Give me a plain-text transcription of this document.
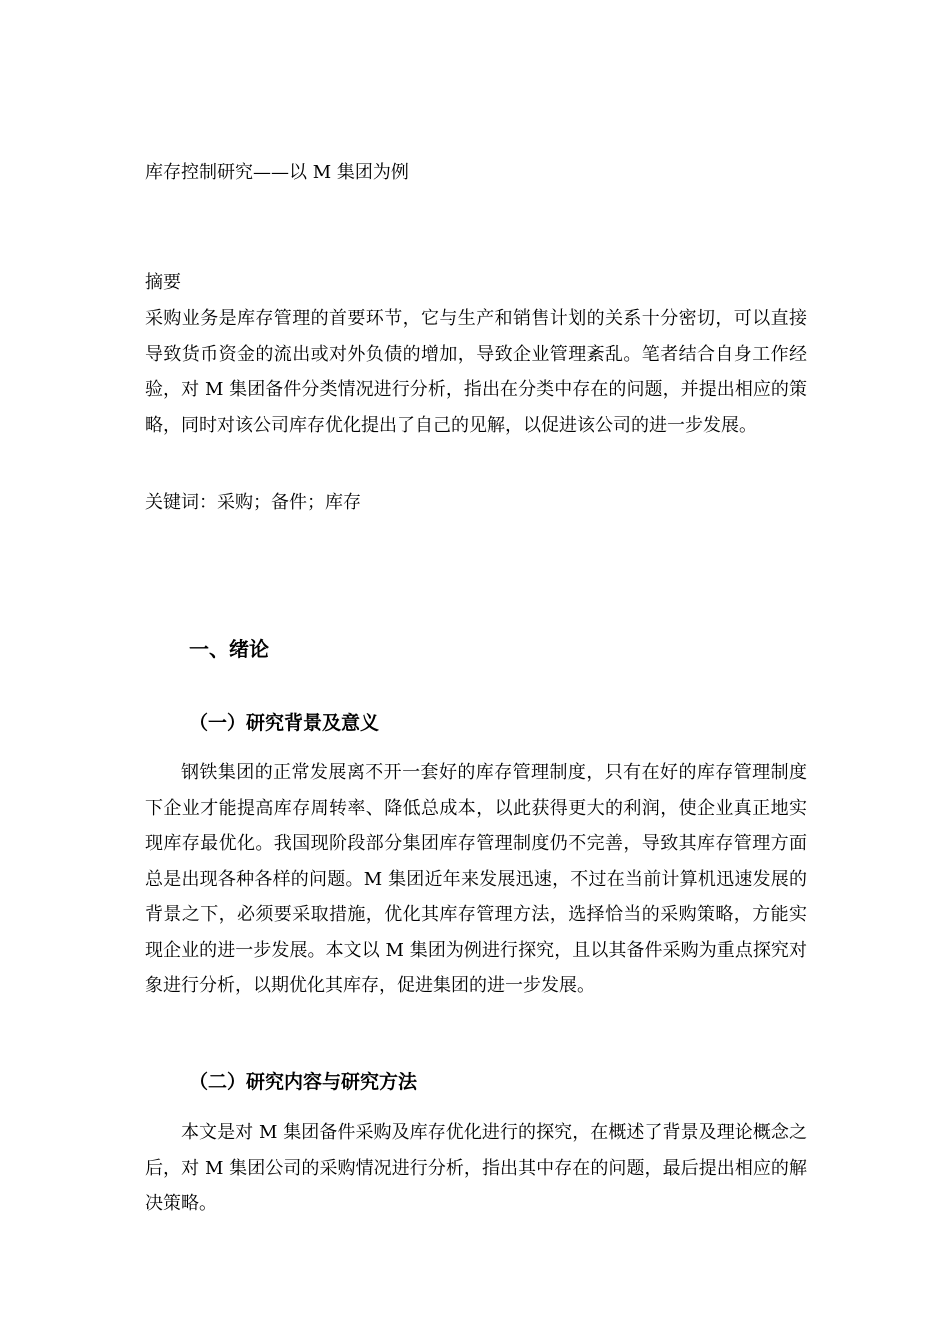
库存控制研究——以 M 集团为例
摘要

采购业务是库存管理的首要环节，它与生产和销售计划的关系十分密切，可以直接导致货币资金的流出或对外负债的增加，导致企业管理紊乱。笔者结合自身工作经验，对 M 集团备件分类情况进行分析，指出在分类中存在的问题，并提出相应的策略，同时对该公司库存优化提出了自己的见解，以促进该公司的进一步发展。

关键词：采购；备件；库存
一、绪论
（一）研究背景及意义

钢铁集团的正常发展离不开一套好的库存管理制度，只有在好的库存管理制度下企业才能提高库存周转率、降低总成本，以此获得更大的利润，使企业真正地实现库存最优化。我国现阶段部分集团库存管理制度仍不完善，导致其库存管理方面总是出现各种各样的问题。M 集团近年来发展迅速，不过在当前计算机迅速发展的背景之下，必须要采取措施，优化其库存管理方法，选择恰当的采购策略，方能实现企业的进一步发展。本文以 M 集团为例进行探究，且以其备件采购为重点探究对象进行分析，以期优化其库存，促进集团的进一步发展。

（二）研究内容与研究方法

本文是对 M 集团备件采购及库存优化进行的探究，在概述了背景及理论概念之后，对 M 集团公司的采购情况进行分析，指出其中存在的问题，最后提出相应的解决策略。
